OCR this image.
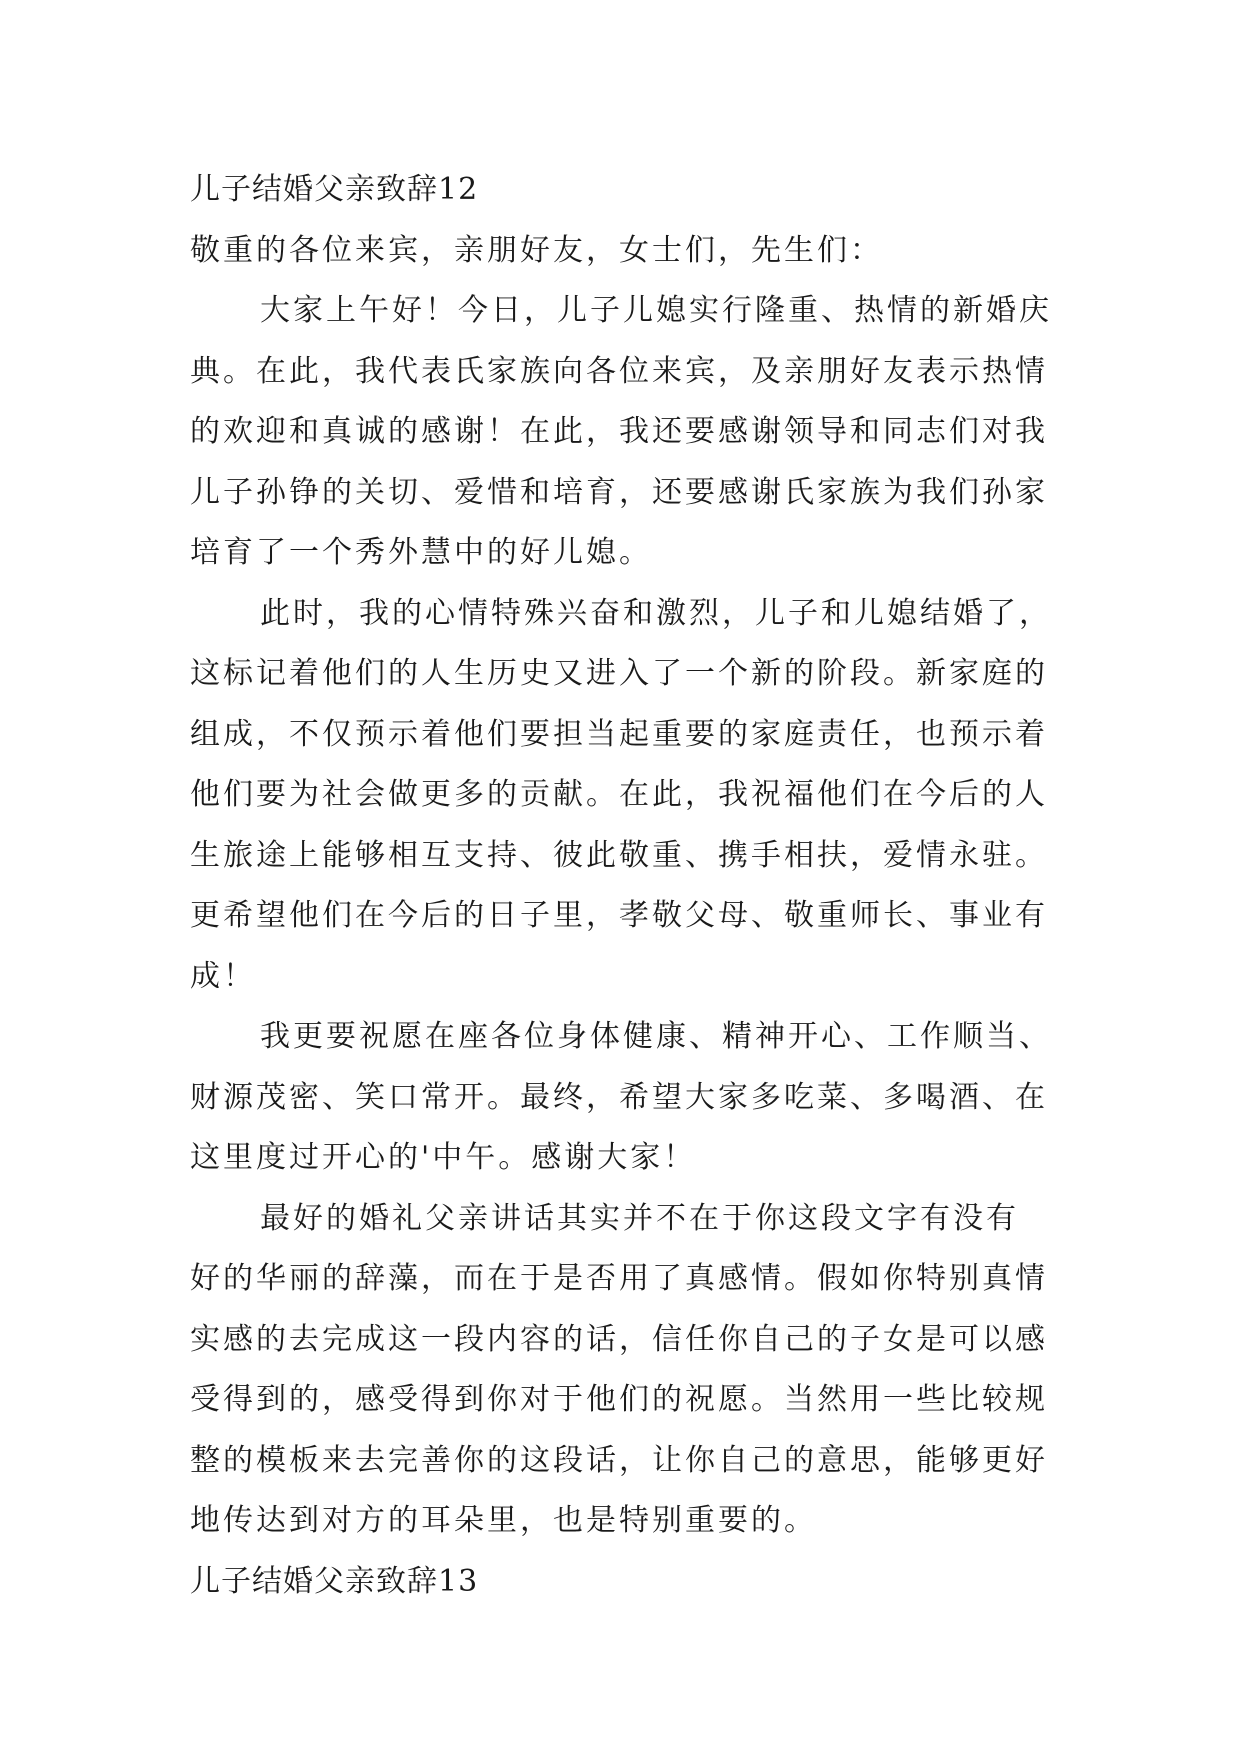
儿子结婚父亲致辞12
敬重的各位来宾，亲朋好友，女士们，先生们：
大家上午好！今日，儿子儿媳实行隆重、热情的新婚庆
典。在此，我代表氏家族向各位来宾，及亲朋好友表示热情
的欢迎和真诚的感谢！在此，我还要感谢领导和同志们对我
儿子孙铮的关切、爱惜和培育，还要感谢氏家族为我们孙家
培育了一个秀外慧中的好儿媳。
此时，我的心情特殊兴奋和激烈，儿子和儿媳结婚了，
这标记着他们的人生历史又进入了一个新的阶段。新家庭的
组成，不仅预示着他们要担当起重要的家庭责任，也预示着
他们要为社会做更多的贡献。在此，我祝福他们在今后的人
生旅途上能够相互支持、彼此敬重、携手相扶，爱情永驻。
更希望他们在今后的日子里，孝敬父母、敬重师长、事业有
成！
我更要祝愿在座各位身体健康、精神开心、工作顺当、
财源茂密、笑口常开。最终，希望大家多吃菜、多喝酒、在
这里度过开心的'中午。感谢大家！
最好的婚礼父亲讲话其实并不在于你这段文字有没有
好的华丽的辞藻，而在于是否用了真感情。假如你特别真情
实感的去完成这一段内容的话，信任你自己的子女是可以感
受得到的，感受得到你对于他们的祝愿。当然用一些比较规
整的模板来去完善你的这段话，让你自己的意思，能够更好
地传达到对方的耳朵里，也是特别重要的。
儿子结婚父亲致辞13
